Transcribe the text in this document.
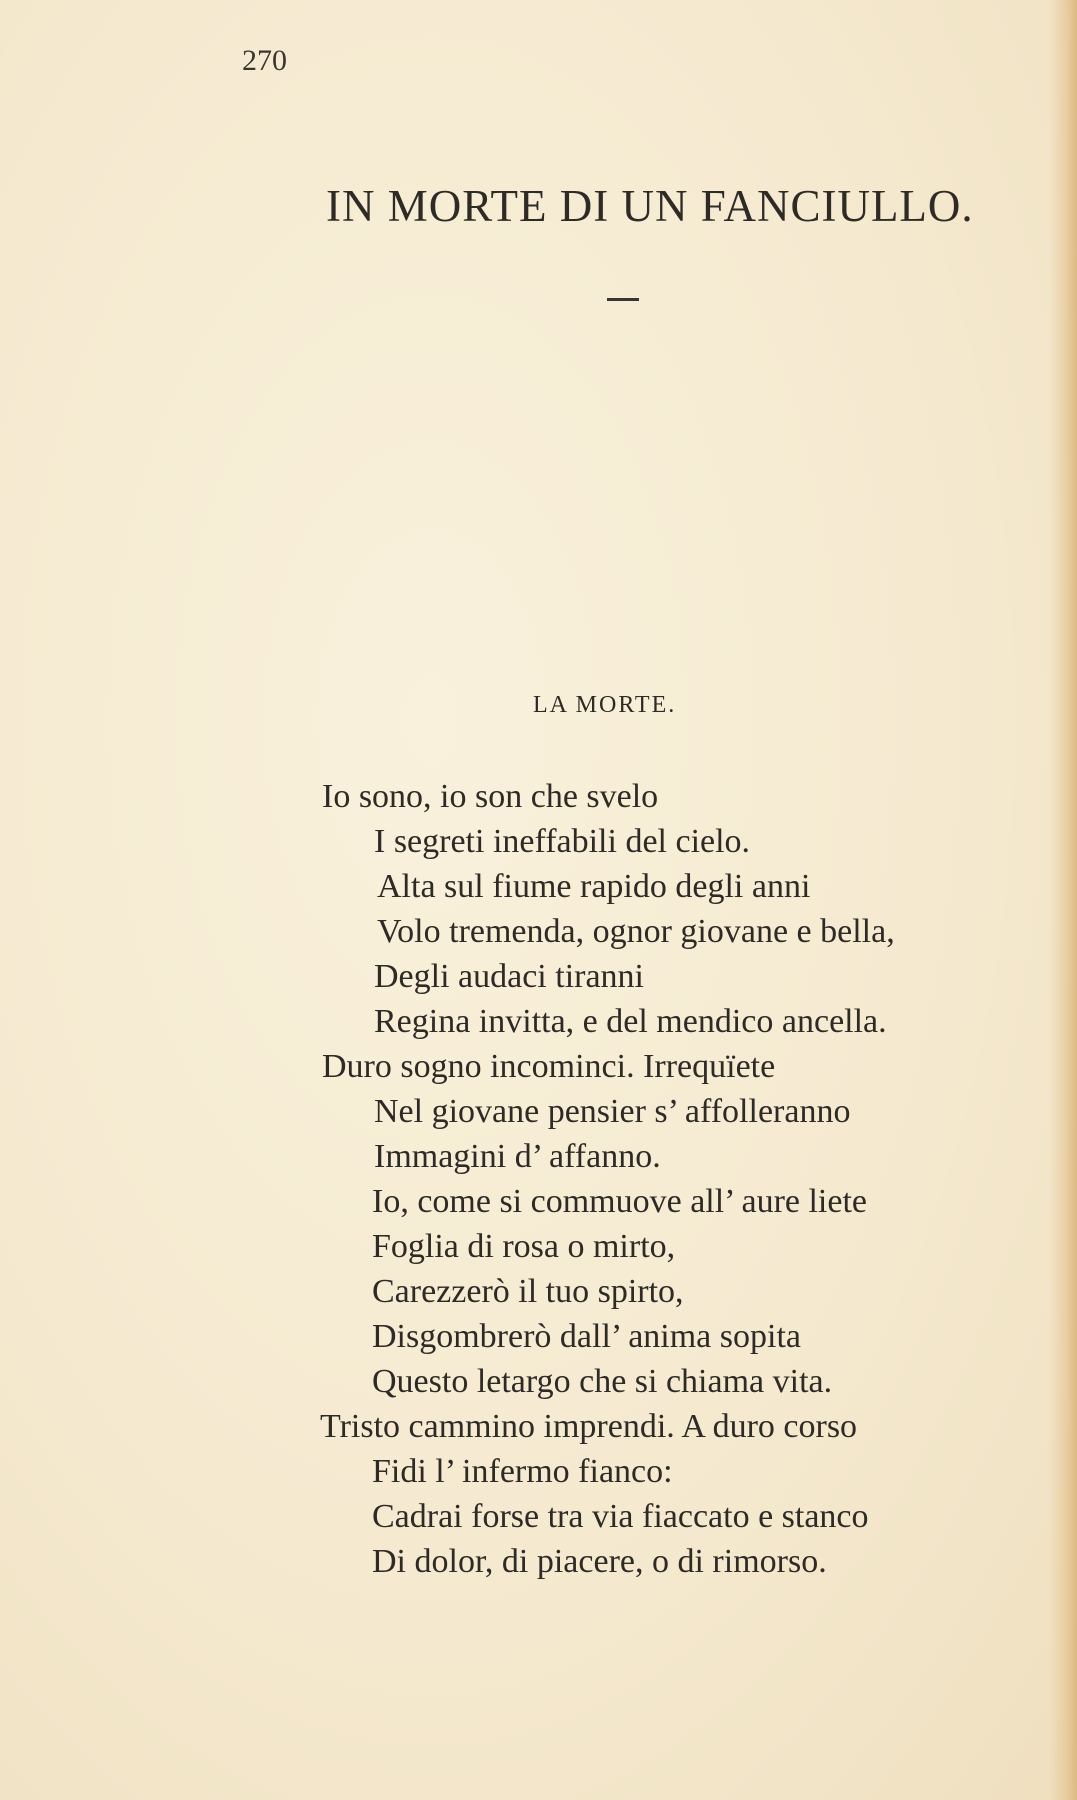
270
IN MORTE DI UN FANCIULLO.
LA MORTE.
Io sono, io son che svelo
I segreti ineffabili del cielo.
Alta sul fiume rapido degli anni
Volo tremenda, ognor giovane e bella,
Degli audaci tiranni
Regina invitta, e del mendico ancella.
Duro sogno incominci. Irrequïete
Nel giovane pensier s’ affolleranno
Immagini d’ affanno.
Io, come si commuove all’ aure liete
Foglia di rosa o mirto,
Carezzerò il tuo spirto,
Disgombrerò dall’ anima sopita
Questo letargo che si chiama vita.
Tristo cammino imprendi. A duro corso
Fidi l’ infermo fianco:
Cadrai forse tra via fiaccato e stanco
Di dolor, di piacere, o di rimorso.
